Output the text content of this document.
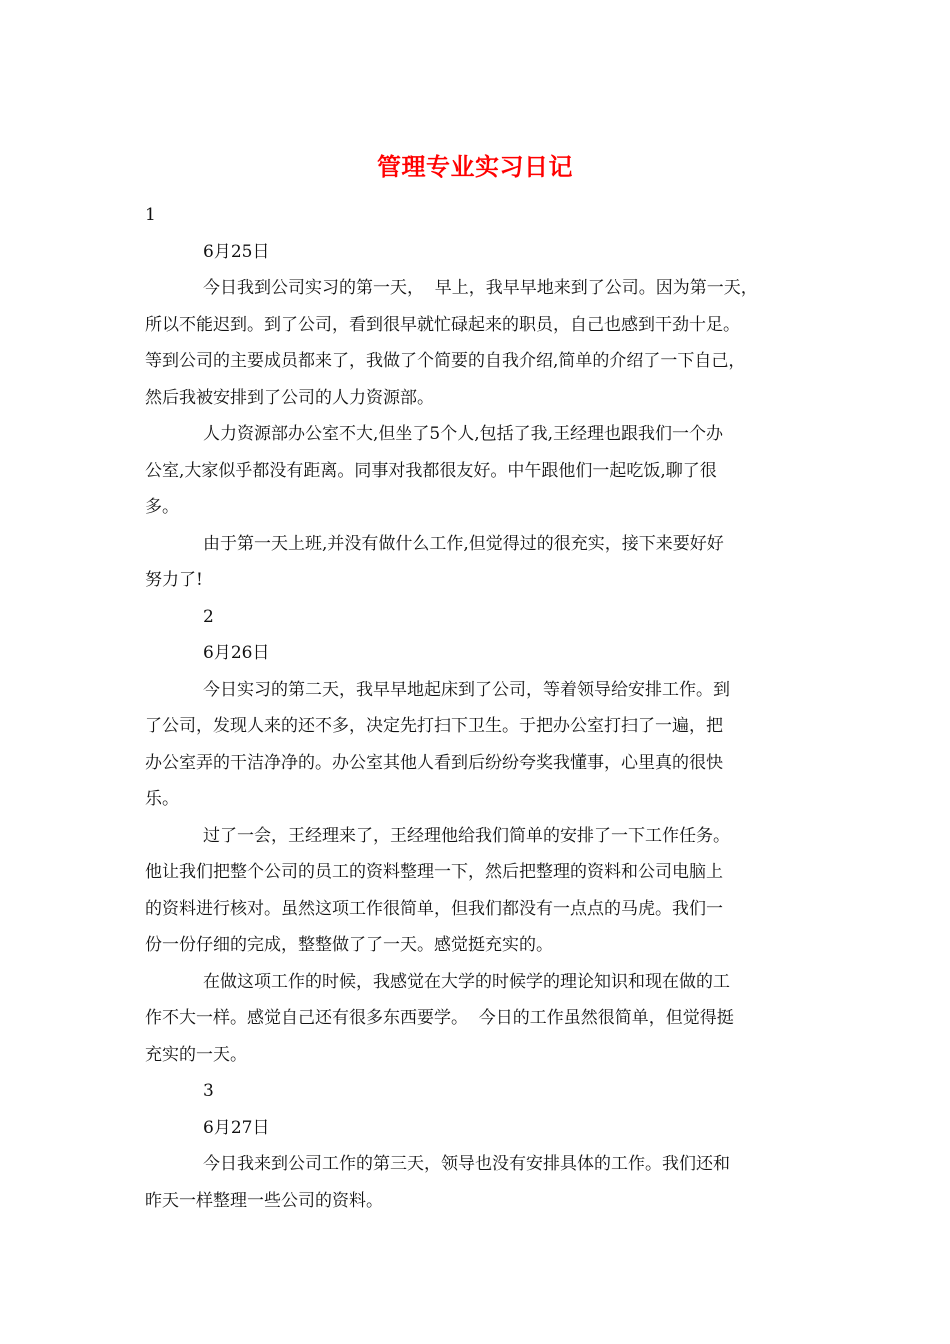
管理专业实习日记
1
6月25日
今日我到公司实习的第一天，  早上，我早早地来到了公司。因为第一天，
所以不能迟到。到了公司，看到很早就忙碌起来的职员，自己也感到干劲十足。
等到公司的主要成员都来了，我做了个简要的自我介绍,简单的介绍了一下自己，
然后我被安排到了公司的人力资源部。
人力资源部办公室不大,但坐了5个人,包括了我,王经理也跟我们一个办
公室,大家似乎都没有距离。同事对我都很友好。中午跟他们一起吃饭,聊了很
多。
由于第一天上班,并没有做什么工作,但觉得过的很充实，接下来要好好
努力了!
2
6月26日
今日实习的第二天，我早早地起床到了公司，等着领导给安排工作。到
了公司，发现人来的还不多，决定先打扫下卫生。于把办公室打扫了一遍，把
办公室弄的干洁净净的。办公室其他人看到后纷纷夸奖我懂事，心里真的很快
乐。
过了一会，王经理来了，王经理他给我们简单的安排了一下工作任务。
他让我们把整个公司的员工的资料整理一下，然后把整理的资料和公司电脑上
的资料进行核对。虽然这项工作很简单，但我们都没有一点点的马虎。我们一
份一份仔细的完成，整整做了了一天。感觉挺充实的。
在做这项工作的时候，我感觉在大学的时候学的理论知识和现在做的工
作不大一样。感觉自己还有很多东西要学。  今日的工作虽然很简单，但觉得挺
充实的一天。
3
6月27日
今日我来到公司工作的第三天，领导也没有安排具体的工作。我们还和
昨天一样整理一些公司的资料。
